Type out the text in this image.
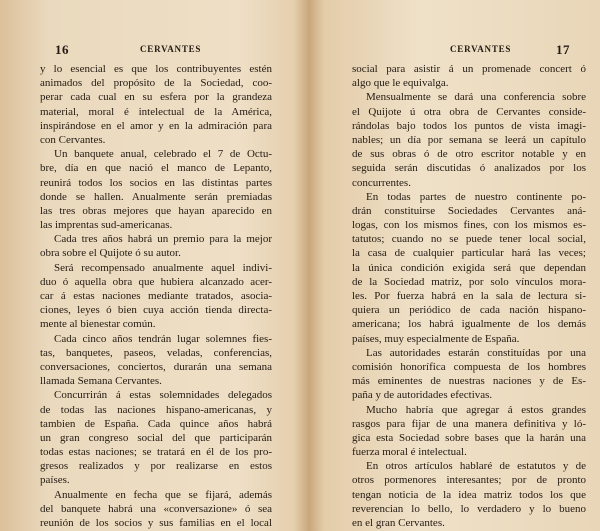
16	CERVANTES
y lo esencial es que los contribuyentes estén
animados del propósito de la Sociedad, coo-
perar cada cual en su esfera por la grandeza
material, moral é intelectual de la América,
inspirándose en el amor y en la admiración para
con Cervantes.
Un banquete anual, celebrado el 7 de Octu-
bre, día en que nació el manco de Lepanto,
reunirá todos los socios en las distintas partes
donde se hallen. Anualmente serán premiadas
las tres obras mejores que hayan aparecido en
las imprentas sud-americanas.
Cada tres años habrá un premio para la mejor
obra sobre el Quijote ó su autor.
Será recompensado anualmente aquel indivi-
duo ó aquella obra que hubiera alcanzado acer-
car á estas naciones mediante tratados, asocia-
ciones, leyes ó bien cuya acción tienda directa-
mente al bienestar común.
Cada cinco años tendrán lugar solemnes fies-
tas, banquetes, paseos, veladas, conferencias,
conversaciones, conciertos, durarán una semana
llamada Semana Cervantes.
Concurrirán á estas solemnidades delegados
de todas las naciones hispano-americanas, y
tambien de España. Cada quince años habrá
un gran congreso social del que participarán
todas estas naciones; se tratará en él de los pro-
gresos realizados y por realizarse en estos
países.
Anualmente en fecha que se fijará, además
del banquete habrá una «conversazione» ó sea
reunión de los socios y sus familias en el local
CERVANTES	17
social para asistir á un promenade concert ó
algo que le equivalga.
Mensualmente se dará una conferencia sobre
el Quijote ú otra obra de Cervantes conside-
rándolas bajo todos los puntos de vista imagi-
nables; un día por semana se leerá un capítulo
de sus obras ó de otro escritor notable y en
seguida serán discutidas ó analizados por los
concurrentes.
En todas partes de nuestro continente po-
drán constituirse Sociedades Cervantes aná-
logas, con los mismos fines, con los mismos es-
tatutos; cuando no se puede tener local social,
la casa de cualquier particular hará las veces;
la única condición exigida será que dependan
de la Sociedad matriz, por solo vínculos mora-
les. Por fuerza habrá en la sala de lectura si-
quiera un periódico de cada nación hispano-
americana; los habrá igualmente de los demás
países, muy especialmente de España.
Las autoridades estarán constituídas por una
comisión honorífica compuesta de los hombres
más eminentes de nuestras naciones y de Es-
paña y de autoridades efectivas.
Mucho habría que agregar á estos grandes
rasgos para fijar de una manera definitiva y ló-
gica esta Sociedad sobre bases que la harán una
fuerza moral é intelectual.
En otros artículos hablaré de estatutos y de
otros pormenores interesantes; por de pronto
tengan noticia de la idea matriz todos los que
reverencian lo bello, lo verdadero y lo bueno
en el gran Cervantes.
